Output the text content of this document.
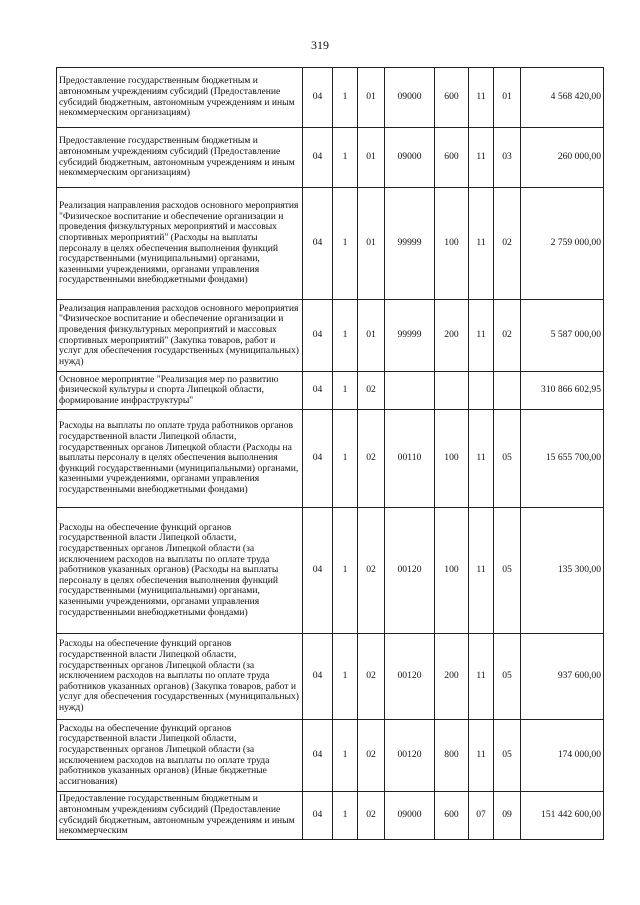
319
Предоставление государственным бюджетным и автономным учреждениям субсидий (Предоставление субсидий бюджетным, автономным учреждениям и иным некоммерческим организациям)	04	1	01	09000	600	11	01	4 568 420,00
Предоставление государственным бюджетным и автономным учреждениям субсидий (Предоставление субсидий бюджетным, автономным учреждениям и иным некоммерческим организациям)	04	1	01	09000	600	11	03	260 000,00
Реализация направления расходов основного мероприятия "Физическое воспитание и обеспечение организации и проведения физкультурных мероприятий и массовых спортивных мероприятий" (Расходы на выплаты персоналу в целях обеспечения выполнения функций государственными (муниципальными) органами, казенными учреждениями, органами управления государственными внебюджетными фондами)	04	1	01	99999	100	11	02	2 759 000,00
Реализация направления расходов основного мероприятия "Физическое воспитание и обеспечение организации и проведения физкультурных мероприятий и массовых спортивных мероприятий" (Закупка товаров, работ и услуг для обеспечения государственных (муниципальных) нужд)	04	1	01	99999	200	11	02	5 587 000,00
Основное мероприятие "Реализация мер по развитию физической культуры и спорта Липецкой области, формирование инфраструктуры"	04	1	02					310 866 602,95
Расходы на выплаты по оплате труда работников органов государственной власти Липецкой области, государственных органов Липецкой области (Расходы на выплаты персоналу в целях обеспечения выполнения функций государственными (муниципальными) органами, казенными учреждениями, органами управления государственными внебюджетными фондами)	04	1	02	00110	100	11	05	15 655 700,00
Расходы на обеспечение функций органов государственной власти Липецкой области, государственных органов Липецкой области (за исключением расходов на выплаты по оплате труда работников указанных органов) (Расходы на выплаты персоналу в целях обеспечения выполнения функций государственными (муниципальными) органами, казенными учреждениями, органами управления государственными внебюджетными фондами)	04	1	02	00120	100	11	05	135 300,00
Расходы на обеспечение функций органов государственной власти Липецкой области, государственных органов Липецкой области (за исключением расходов на выплаты по оплате труда работников указанных органов) (Закупка товаров, работ и услуг для обеспечения государственных (муниципальных) нужд)	04	1	02	00120	200	11	05	937 600,00
Расходы на обеспечение функций органов государственной власти Липецкой области, государственных органов Липецкой области (за исключением расходов на выплаты по оплате труда работников указанных органов) (Иные бюджетные ассигнования)	04	1	02	00120	800	11	05	174 000,00
Предоставление государственным бюджетным и автономным учреждениям субсидий (Предоставление субсидий бюджетным, автономным учреждениям и иным некоммерческим	04	1	02	09000	600	07	09	151 442 600,00
